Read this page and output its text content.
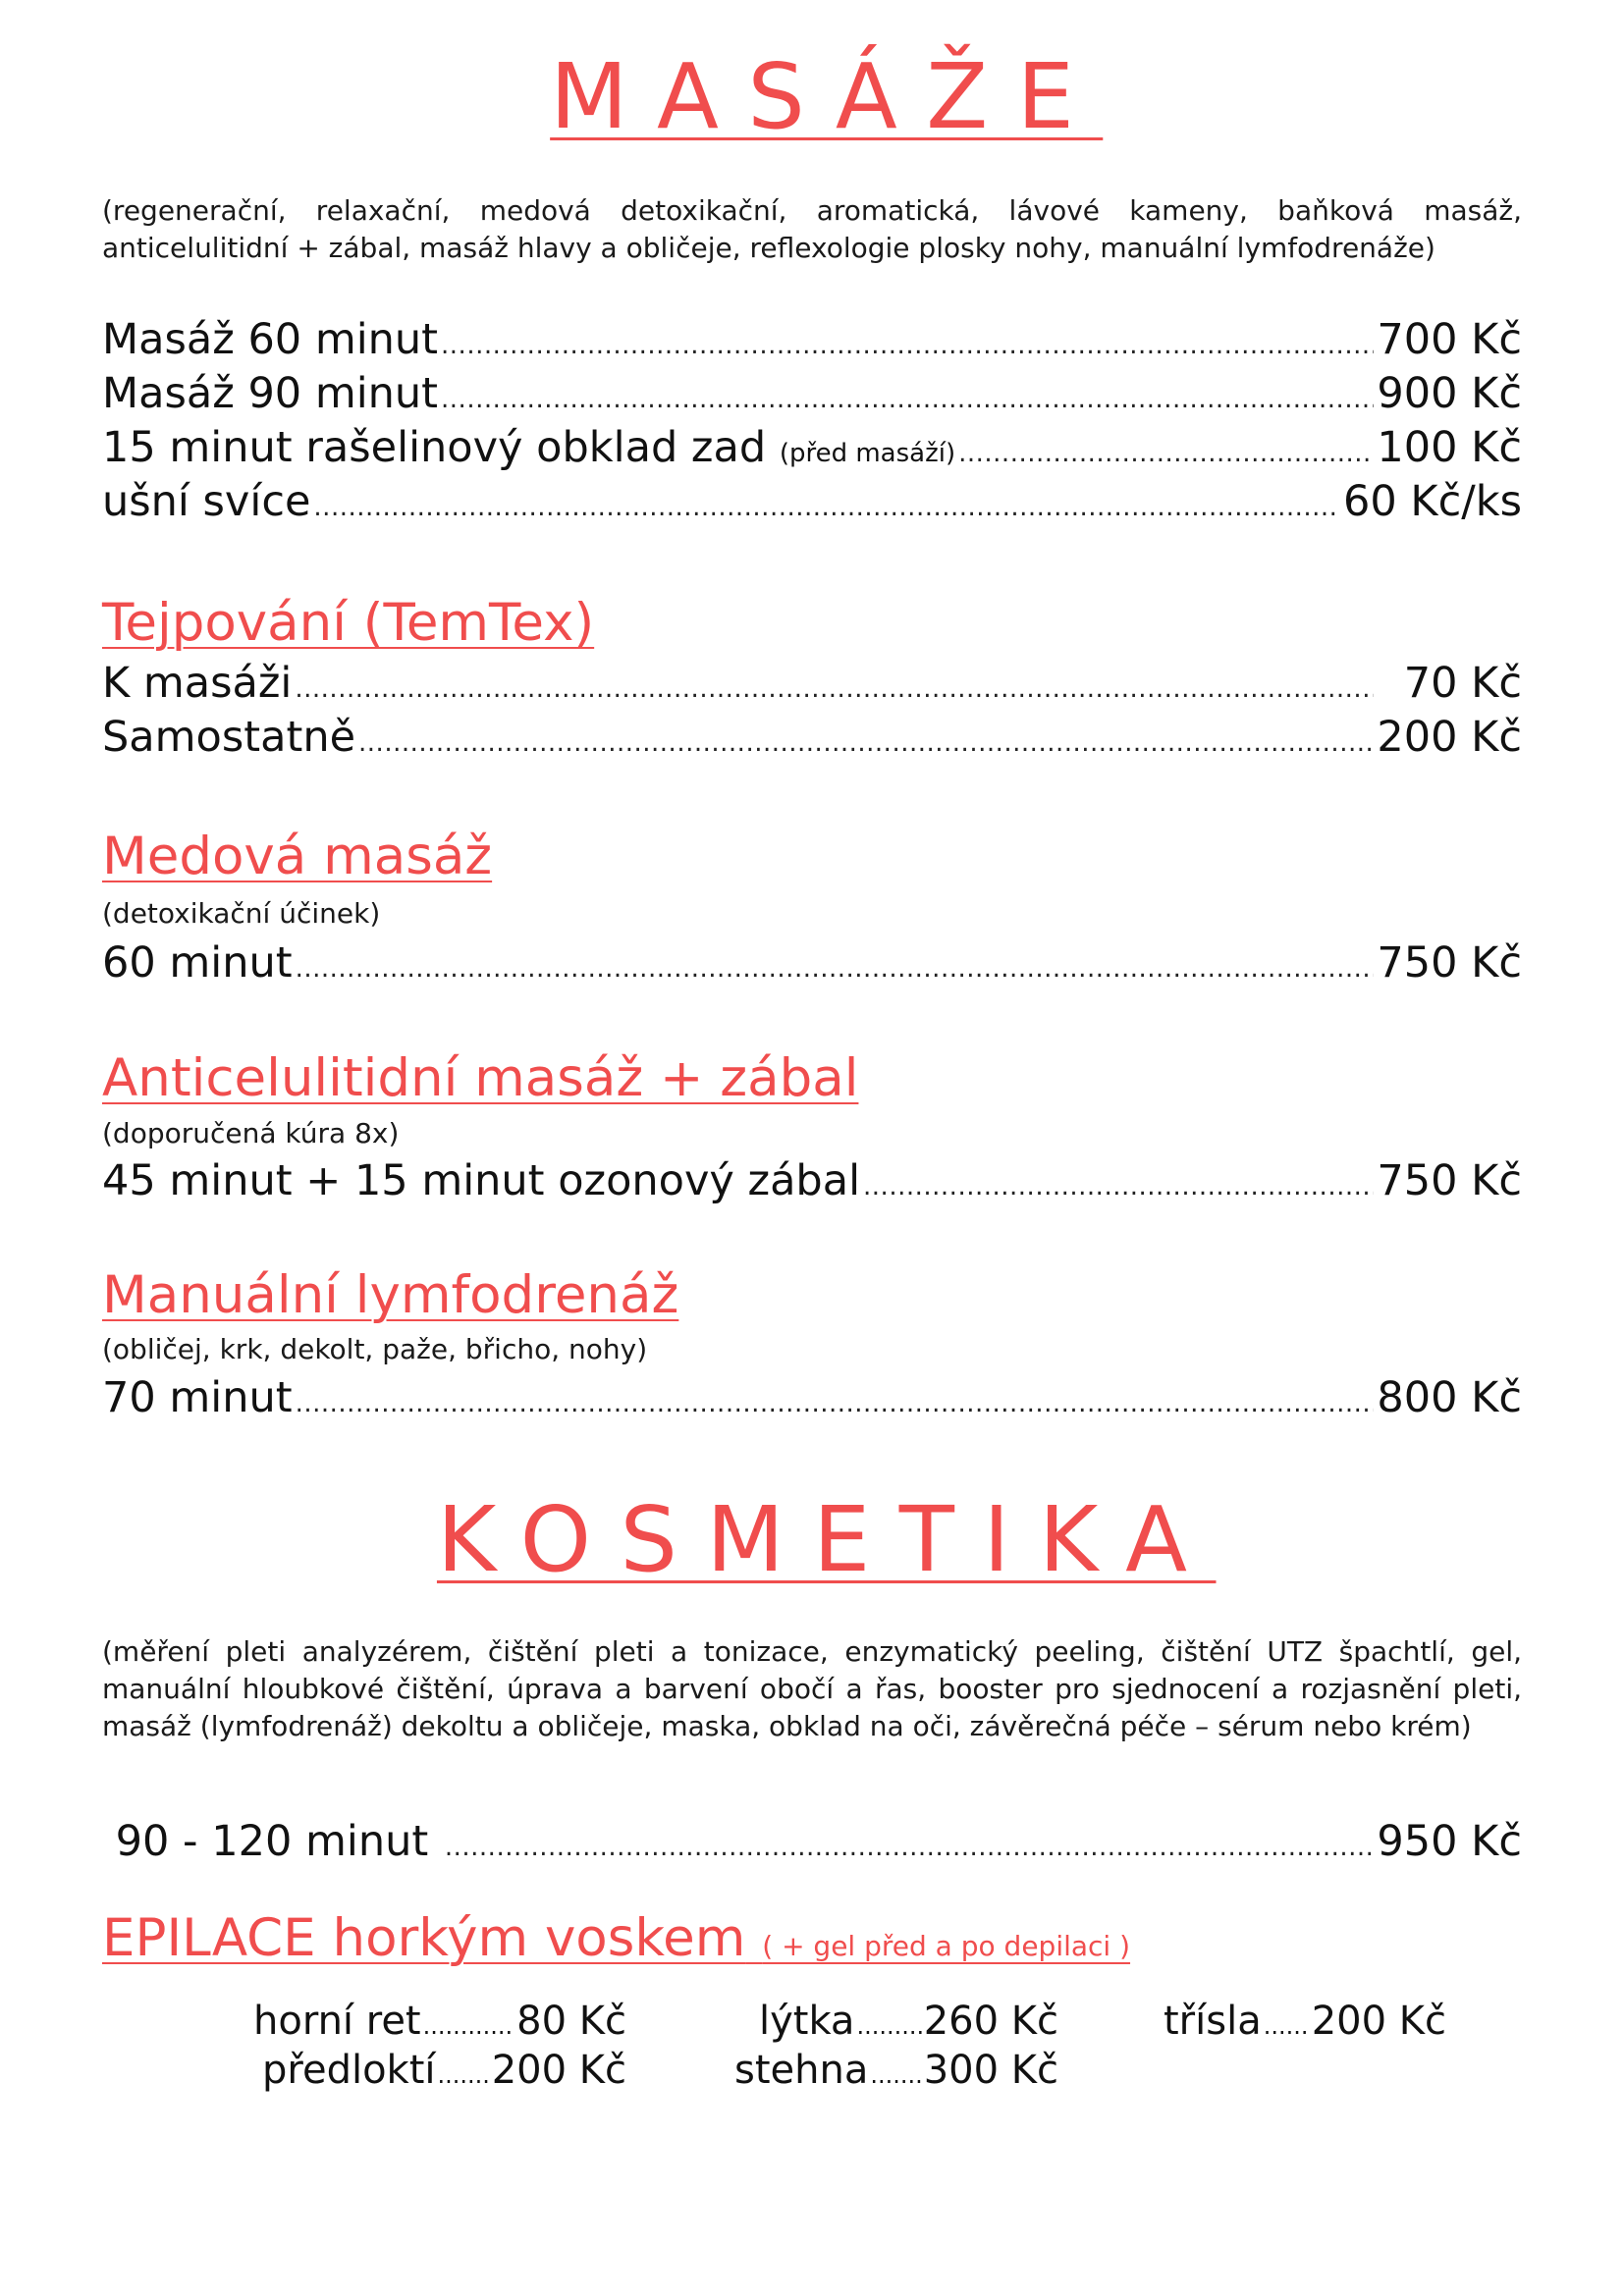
MASÁŽE
(regenerační, relaxační, medová detoxikační, aromatická, lávové kameny, baňková masáž, anticelulitidní + zábal, masáž hlavy a obličeje, reflexologie plosky nohy, manuální lymfodrenáže)
Masáž 60 minut .....	700 Kč
Masáž 90 minut .....	900 Kč
15 minut rašelinový obklad zad (před masáží) .....	100 Kč
ušní svíce .....	60 Kč/ks
Tejpování (TemTex)
K masáži .....	70 Kč
Samostatně .....	200 Kč
Medová masáž
(detoxikační účinek)
60 minut .....	750 Kč
Anticelulitidní masáž + zábal
(doporučená kúra 8x)
45 minut + 15 minut ozonový zábal .....	750 Kč
Manuální lymfodrenáž
(obličej, krk, dekolt, paže, břicho, nohy)
70 minut .....	800 Kč
KOSMETIKA
(měření pleti analyzérem, čištění pleti a tonizace, enzymatický peeling, čištění UTZ špachtlí, gel, manuální hloubkové čištění, úprava a barvení obočí a řas, booster pro sjednocení a rozjasnění pleti, masáž (lymfodrenáž) dekoltu a obličeje, maska, obklad na oči, závěrečná péče – sérum nebo krém)
90 - 120 minut .....	950 Kč
EPILACE horkým voskem ( + gel před a po depilaci )
horní ret ..... 80 Kč	lýtka ..... 260 Kč	třísla ..... 200 Kč
předloktí ..... 200 Kč	stehna ..... 300 Kč
